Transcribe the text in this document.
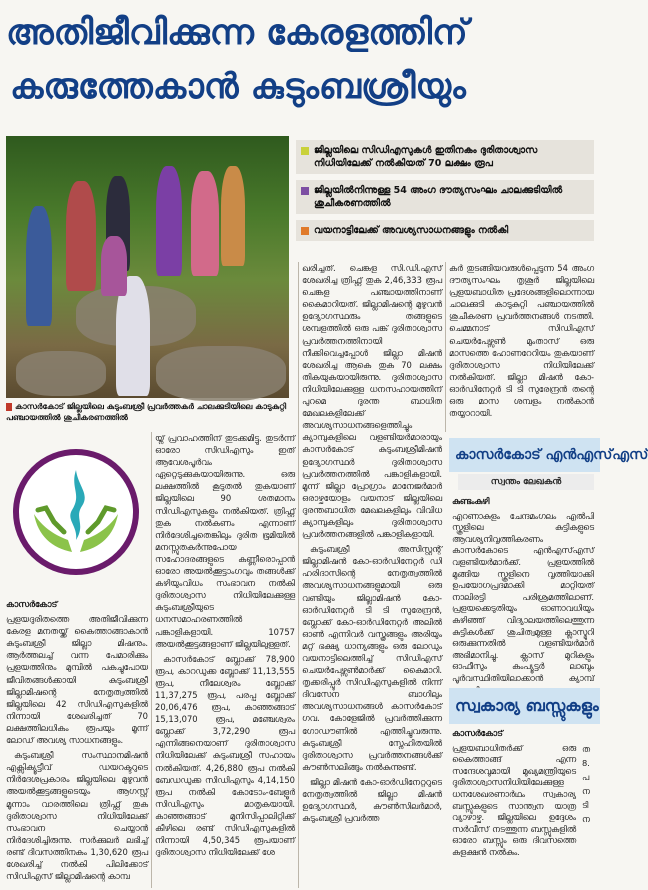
അതിജീവിക്കുന്ന കേരളത്തിന്
കരുത്തേകാൻ കുടുംബശ്രീയും
കാസർകോട് ജില്ലയിലെ കുടുംബശ്രീ പ്രവർത്തകർ ചാലക്കുടിയിലെ കാടുകുറ്റി പഞ്ചായത്തിൽ ശുചീകരണത്തിൽ
ജില്ലയിലെ സിഡിഎസുകൾ ഇതിനകം ദുരിതാശ്വാസ നിധിയിലേക്ക് നൽകിയത് 70 ലക്ഷം രൂപ
ജില്ലയിൽനിന്നുള്ള 54 അംഗ ദൗത്യസംഘം ചാലക്കുടിയിൽ ശുചീകരണത്തിൽ
വയനാട്ടിലേക്ക് അവശ്യസാധനങ്ങളും നൽകി

കാസർകോട്

പ്രളയദുരിതത്തെ അതിജീവിക്കുന്ന കേരള മനതയ്ക്ക് കൈത്താങ്ങാകാൻ കുടുംബശ്രീ ജില്ലാ മിഷനും. ആർത്തലച്ച് വന്ന പേമാരിക്കും പ്രളയത്തിനും മുമ്പിൽ പകച്ചുപോയ ജീവിതങ്ങൾക്കായി കുടുംബശ്രീ ജില്ലാമിഷന്റെ നേതൃത്വത്തിൽ ജില്ലയിലെ 42 സിഡിഎസുകളിൽ നിന്നായി ശേഖരിച്ചത് 70 ലക്ഷത്തിലധികം രൂപയും മൂന്ന് ലോഡ് അവശ്യ സാധനങ്ങളും.

കുടുംബശ്രീ സംസ്ഥാനമിഷൻ എക്സിക്യൂട്ടീവ് ഡയറക്ടറുടെ നിർദേശപ്രകാരം ജില്ലയിലെ മുഴുവൻ അയൽക്കൂട്ടങ്ങളുടെയും ആഗസ്റ്റ് മൂന്നാം വാരത്തിലെ ത്രിഫ്റ്റ് തുക ദുരിതാശ്വാസ നിധിയിലേക്ക് സംഭാവന ചെയ്യാൻ നിർദേശിച്ചിരുന്നു. സർക്കുലർ ലഭിച്ച് രണ്ട് ദിവസത്തിനകം 1,30,620 രൂപ ശേഖരിച്ച് നൽകി പിലിക്കോട് സിഡിഎസ് ജില്ലാമിഷന്റെ കാമ്പ

യ്ന് പ്രവാഹത്തിന് തുടക്കമിട്ടു. തുടർന്ന് ഓരോ സിഡിഎസും ഇത് ആവേശപൂർവം ഏറ്റെടുക്കുകയായിരുന്നു. ഒരു ലക്ഷത്തിൽ കൂടുതൽ തുകയാണ് ജില്ലയിലെ 90 ശതമാനം സിഡിഎസുകളും നൽകിയത്. ത്രിഫ്റ്റ് തുക നൽകണം എന്നാണ് നിർദേശിച്ചതെങ്കിലും ദുരിത ഭൂമിയിൽ മനസ്സുതകർന്നുപോയ സഹോദരങ്ങളുടെ കണ്ണീരൊപ്പാൻ ഓരോ അയൽക്കൂട്ടാംഗവും തങ്ങൾക്ക് കഴിയുംവിധം സംഭാവന നൽകി ദുരിതാശ്വാസ നിധിയിലേക്കുള്ള കുടുംബശ്രീയുടെ ധനസമാഹരണത്തിൽ പങ്കാളികളായി. 10757 അയൽക്കൂട്ടങ്ങളാണ് ജില്ലയിലുള്ളത്.

കാസർകോട് ബ്ലോക്ക് 78,900 രൂപ, കാറഡുക്ക ബ്ലോക്ക് 11,13,555 രൂപ, നീലേശ്വരം ബ്ലോക്ക് 11,37,275 രൂപ, പരപ്പ ബ്ലോക്ക് 20,06,476 രൂപ, കാഞ്ഞങ്ങാട് 15,13,070 രൂപ, മഞ്ചേശ്വരം ബ്ലോക്ക് 3,72,290 രൂപ എന്നിങ്ങനെയാണ് ദുരിതാശ്വാസ നിധിയിലേക്ക് കുടുംബശ്രീ സഹായം നൽകിയത്. 4,26,880 രൂപ നൽകി ബേഡഡുക്ക സിഡിഎസും 4,14,150 രൂപ നൽകി കോടോം-ബേളൂർ സിഡിഎസും മാതൃകയായി. കാഞ്ഞങ്ങാട് മുനിസിപ്പാലിറ്റിക്ക് കീഴിലെ രണ്ട് സിഡിഎസുകളിൽ നിന്നായി 4,50,345 രൂപയാണ് ദുരിതാശ്വാസ നിധിയിലേക്ക് ശേ

ഖരിച്ചത്. ചെങ്കള സി.ഡി.എസ് ശേഖരിച്ച ത്രിഫ്റ്റ് തുക 2,46,333 രൂപ ചെങ്കള പഞ്ചായത്തിനാണ് കൈമാറിയത്. ജില്ലാമിഷന്റെ മുഴുവൻ ഉദ്യോഗസ്ഥരും തങ്ങളുടെ ശമ്പളത്തിൽ ഒരു പങ്ക് ദുരിതാശ്വാസ പ്രവർത്തനത്തിനായി നീക്കിവെച്ചപ്പോൾ ജില്ലാ മിഷൻ ശേഖരിച്ച ആകെ തുക 70 ലക്ഷം തികയുകയായിരുന്നു. ദുരിതാശ്വാസ നിധിയിലേക്കുള്ള ധനസഹായത്തിന് പുറമെ ദുരന്ത ബാധിത മേഖലകളിലേക്ക് അവശ്യസാധനങ്ങളെത്തിച്ചും ക്യാമ്പുകളിലെ വളണ്ടിയർമാരായും കാസർകോട് കുടുംബശ്രീമിഷൻ ഉദ്യോഗസ്ഥർ ദുരിതാശ്വാസ പ്രവർത്തനത്തിൽ പങ്കാളികളായി. മൂന്ന് ജില്ലാ പ്രോഗ്രാം മാനേജർമാർ ഒരാഴ്ചയോളം വയനാട് ജില്ലയിലെ ദുരന്തബാധിത മേഖലകളിലും വിവിധ ക്യാമ്പുകളിലും ദുരിതാശ്വാസ പ്രവർത്തനങ്ങളിൽ പങ്കാളികളായി.

കുടുംബശ്രീ അസിസ്റ്റന്റ് ജില്ലാമിഷൻ കോ-ഓർഡിനേറ്റർ ഡി ഹരിദാസിന്റെ നേതൃത്വത്തിൽ അവശ്യസാധനങ്ങളുമായി ഒരു വണ്ടിയും ജില്ലാമിഷൻ കോ-ഓർഡിനേറ്റർ ടി ടി സുരേന്ദ്രൻ, ബ്ലോക്ക് കോ-ഓർഡിനേറ്റർ അലിൽ ഓൺ എന്നിവർ വസ്ത്രങ്ങളും അരിയും മറ്റ് ഭക്ഷ്യ ധാന്യങ്ങളും ഒരു ലോഡും വയനാട്ടിലെത്തിച്ച് സിഡിഎസ് ചെയർപേഴ്സൺമാർക്ക് കൈമാറി. തൃക്കരിപ്പൂർ സിഡിഎസുകളിൽ നിന്ന് ദിവസേന ബാഗിലും അവശ്യസാധനങ്ങൾ കാസർകോട് ഗവ. കോളേജിൽ പ്രവർത്തിക്കുന്ന ഗോഡൗണിൽ എത്തിച്ചുവരുന്നു. കുടുംബശ്രീ സ്നേഹിതയിൽ ദുരിതാശ്വാസ പ്രവർത്തനങ്ങൾക്ക് കൗൺസലിങ്ങും നൽകുന്നുണ്ട്.

ജില്ലാ മിഷൻ കോ-ഓർഡിനേറ്ററുടെ നേതൃത്വത്തിൽ ജില്ലാ മിഷൻ ഉദ്യോഗസ്ഥർ, കൗൺസിലർമാർ, കുടുംബശ്രീ പ്രവർത്ത

കർ തുടങ്ങിയവരുൾപ്പെടുന്ന 54 അംഗ ദൗത്യസംഘം തൃശൂർ ജില്ലയിലെ പ്രളയബാധിത പ്രദേശങ്ങളിലൊന്നായ ചാലക്കുടി കാടുകുറ്റി പഞ്ചായത്തിൽ ശുചീകരണ പ്രവർത്തനങ്ങൾ നടത്തി. ചെമ്മനാട് സിഡിഎസ് ചെയർപേഴ്സൺ മുംതാസ് ഒരു മാസത്തെ ഹോണറേറിയം തുകയാണ് ദുരിതാശ്വാസ നിധിയിലേക്ക് നൽകിയത്. ജില്ലാ മിഷൻ കോ-ഓർഡിനേറ്റർ ടി ടി സുരേന്ദ്രൻ തന്റെ ഒരു മാസ ശമ്പളം നൽകാൻ തയ്യാറായി.

കാസർകോട് എൻഎസ്എസ്
സ്വന്തം ലേഖകൻ

കുണ്ടംകുഴി

എറണാകുളം ചേന്ദമംഗലം എൽപി സ്കൂളിലെ കുട്ടികളുടെ ആവശ്യനിവൃത്തികരണം കാസർകോടെ എൻഎസ്എസ് വളണ്ടിയർമാർക്ക്. പ്രളയത്തിൽ മുങ്ങിയ സ്കൂളിനെ വൃത്തിയാക്കി ഉപയോഗപ്രദമാക്കി മാറ്റിയത് നാലിരട്ടി പരിശ്രമത്തിലാണ്. പ്രളയക്കെടുതിയും ഓണാവധിയും കഴിഞ്ഞ് വിദ്യാലയത്തിലെത്തുന്ന കുട്ടികൾക്ക് ശുചിത്വമുള്ള ക്ലാസ്മുറി ഒരുക്കുന്നതിൽ വളണ്ടിയർമാർ അഭിമാനിച്ചു. ക്ലാസ് മുറികളും ഓഫീസും കംപ്യൂട്ടർ ലാബും പൂർവസ്ഥിതിയിലാക്കാൻ ക്യാമ്പ്

സ്വകാര്യ ബസ്സുകളും

കാസർകോട്

പ്രളയബാധിതർക്ക് ഒരു കൈത്താങ്ങ് എന്ന സന്ദേശവുമായി മുഖ്യമന്ത്രിയുടെ ദുരിതാശ്വാസനിധിയിലേക്കുള്ള ധനശേഖരണാർഥം സ്വകാര്യ ബസ്സുകളുടെ സാന്ത്വന യാത്ര വ്യാഴാഴ്ച. ജില്ലയിലെ ഉദ്ദേശം സർവീസ് നടത്തുന്ന ബസ്സുകളിൽ ഓരോ ബസ്സും ഒരു ദിവസത്തെ കളക്ഷൻ നൽകും.

ത 8. പ ന ടി ന
